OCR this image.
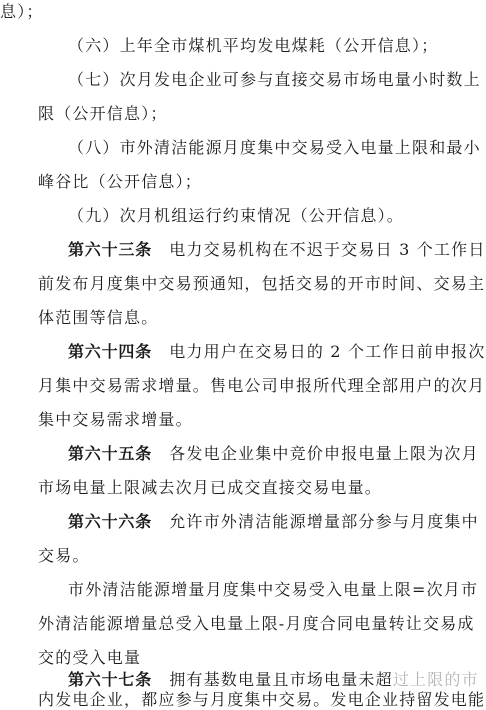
息）；
（六）上年全市煤机平均发电煤耗（公开信息）；
（七）次月发电企业可参与直接交易市场电量小时数上
限（公开信息）；
（八）市外清洁能源月度集中交易受入电量上限和最小
峰谷比（公开信息）；
（九）次月机组运行约束情况（公开信息）。
第六十三条　 电力交易机构在不迟于交易日 3 个工作日
前发布月度集中交易预通知，包括交易的开市时间、交易主
体范围等信息。
第六十四条　 电力用户在交易日的 2 个工作日前申报次
月集中交易需求增量。售电公司申报所代理全部用户的次月
集中交易需求增量。
第六十五条　 各发电企业集中竞价申报电量上限为次月
市场电量上限减去次月已成交直接交易电量。
第六十六条　 允许市外清洁能源增量部分参与月度集中
交易。
市外清洁能源增量月度集中交易受入电量上限=次月市
外清洁能源增量总受入电量上限-月度合同电量转让交易成
交的受入电量
第六十七条　 拥有基数电量且市场电量未超过上限的市
内发电企业，都应参与月度集中交易。发电企业持留发电能
